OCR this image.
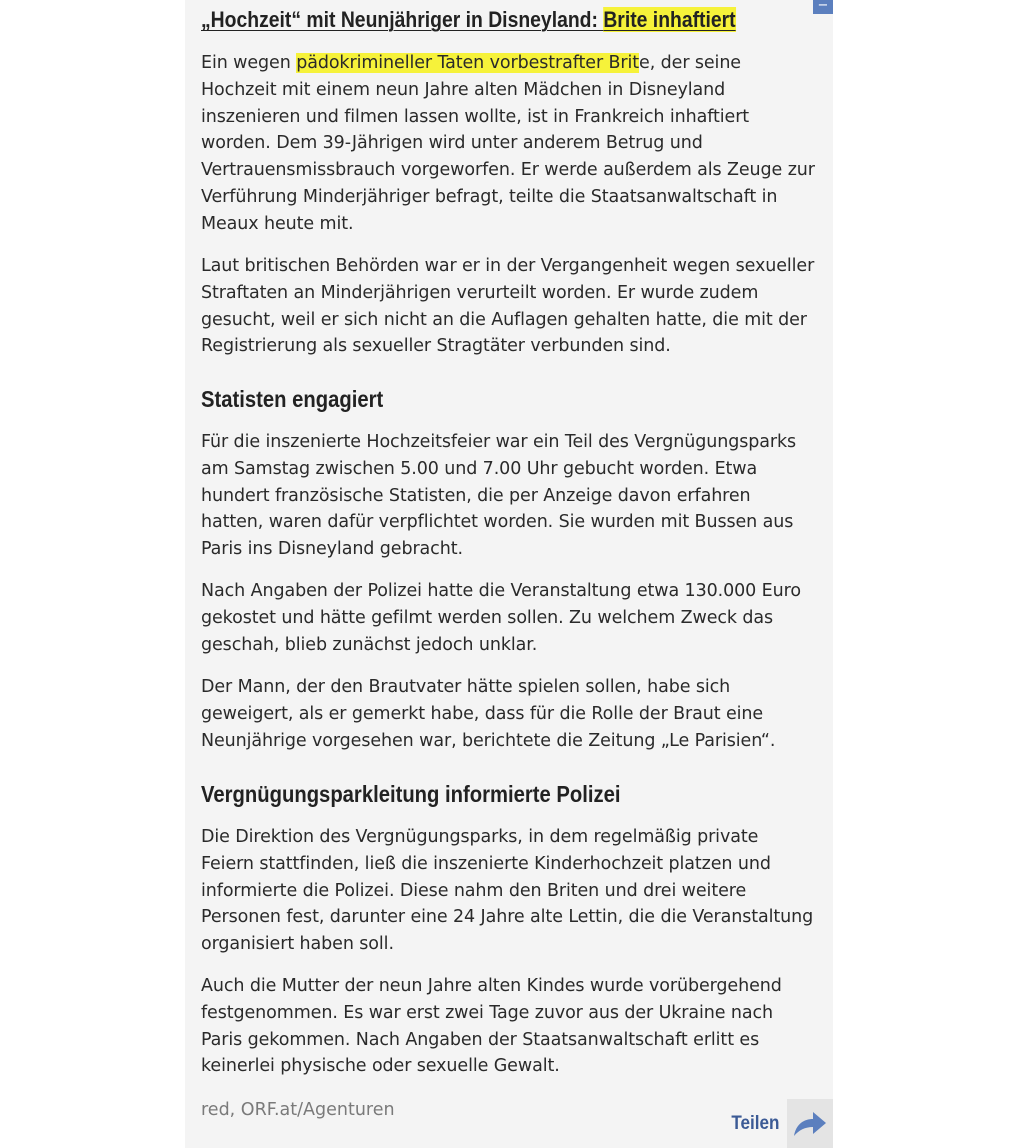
−
„Hochzeit“ mit Neunjähriger in Disneyland: Brite inhaftiert

Ein wegen pädokrimineller Taten vorbestrafter Brite, der seine Hochzeit mit einem neun Jahre alten Mädchen in Disneyland inszenieren und filmen lassen wollte, ist in Frankreich inhaftiert worden. Dem 39-Jährigen wird unter anderem Betrug und Vertrauensmissbrauch vorgeworfen. Er werde außerdem als Zeuge zur Verführung Minderjähriger befragt, teilte die Staatsanwaltschaft in Meaux heute mit.

Laut britischen Behörden war er in der Vergangenheit wegen sexueller Straftaten an Minderjährigen verurteilt worden. Er wurde zudem gesucht, weil er sich nicht an die Auflagen gehalten hatte, die mit der Registrierung als sexueller Stragtäter verbunden sind.

Statisten engagiert

Für die inszenierte Hochzeitsfeier war ein Teil des Vergnügungsparks am Samstag zwischen 5.00 und 7.00 Uhr gebucht worden. Etwa hundert französische Statisten, die per Anzeige davon erfahren hatten, waren dafür verpflichtet worden. Sie wurden mit Bussen aus Paris ins Disneyland gebracht.

Nach Angaben der Polizei hatte die Veranstaltung etwa 130.000 Euro gekostet und hätte gefilmt werden sollen. Zu welchem Zweck das geschah, blieb zunächst jedoch unklar.

Der Mann, der den Brautvater hätte spielen sollen, habe sich geweigert, als er gemerkt habe, dass für die Rolle der Braut eine Neunjährige vorgesehen war, berichtete die Zeitung „Le Parisien“.

Vergnügungsparkleitung informierte Polizei

Die Direktion des Vergnügungsparks, in dem regelmäßig private Feiern stattfinden, ließ die inszenierte Kinderhochzeit platzen und informierte die Polizei. Diese nahm den Briten und drei weitere Personen fest, darunter eine 24 Jahre alte Lettin, die die Veranstaltung organisiert haben soll.

Auch die Mutter der neun Jahre alten Kindes wurde vorübergehend festgenommen. Es war erst zwei Tage zuvor aus der Ukraine nach Paris gekommen. Nach Angaben der Staatsanwaltschaft erlitt es keinerlei physische oder sexuelle Gewalt.

red, ORF.at/Agenturen

Teilen
